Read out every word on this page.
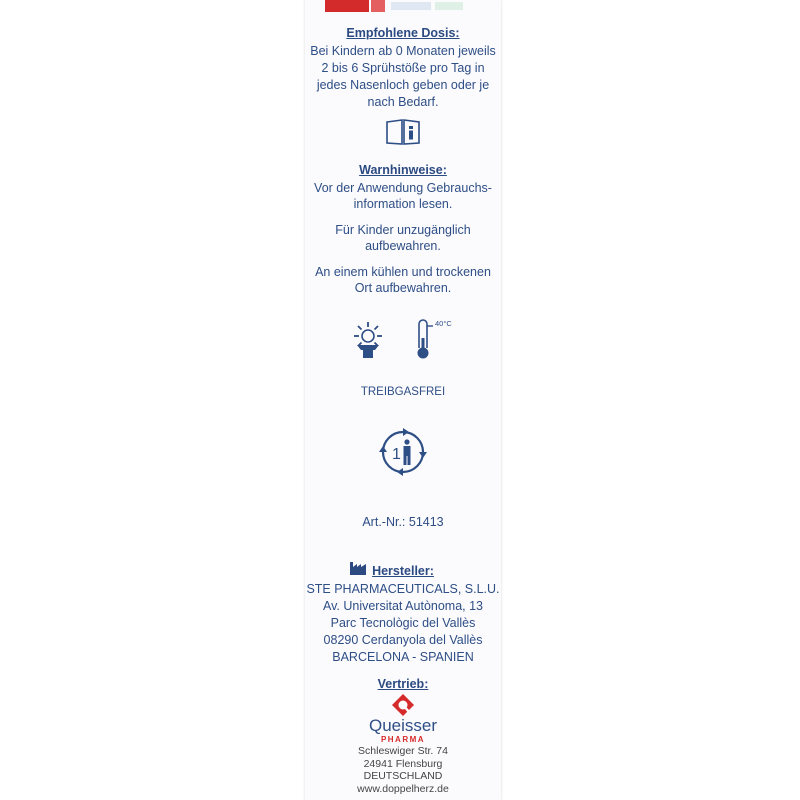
Empfohlene Dosis:
Bei Kindern ab 0 Monaten jeweils
2 bis 6 Sprühstöße pro Tag in
jedes Nasenloch geben oder je
nach Bedarf.
Warnhinweise:
Vor der Anwendung Gebrauchs-
information lesen.
Für Kinder unzugänglich
aufbewahren.
An einem kühlen und trockenen
Ort aufbewahren.
40°C
TREIBGASFREI
1
Art.-Nr.: 51413
Hersteller:
STE PHARMACEUTICALS, S.L.U.
Av. Universitat Autònoma, 13
Parc Tecnològic del Vallès
08290 Cerdanyola del Vallès
BARCELONA - SPANIEN
Vertrieb:
Queisser
PHARMA
Schleswiger Str. 74
24941 Flensburg
DEUTSCHLAND
www.doppelherz.de
